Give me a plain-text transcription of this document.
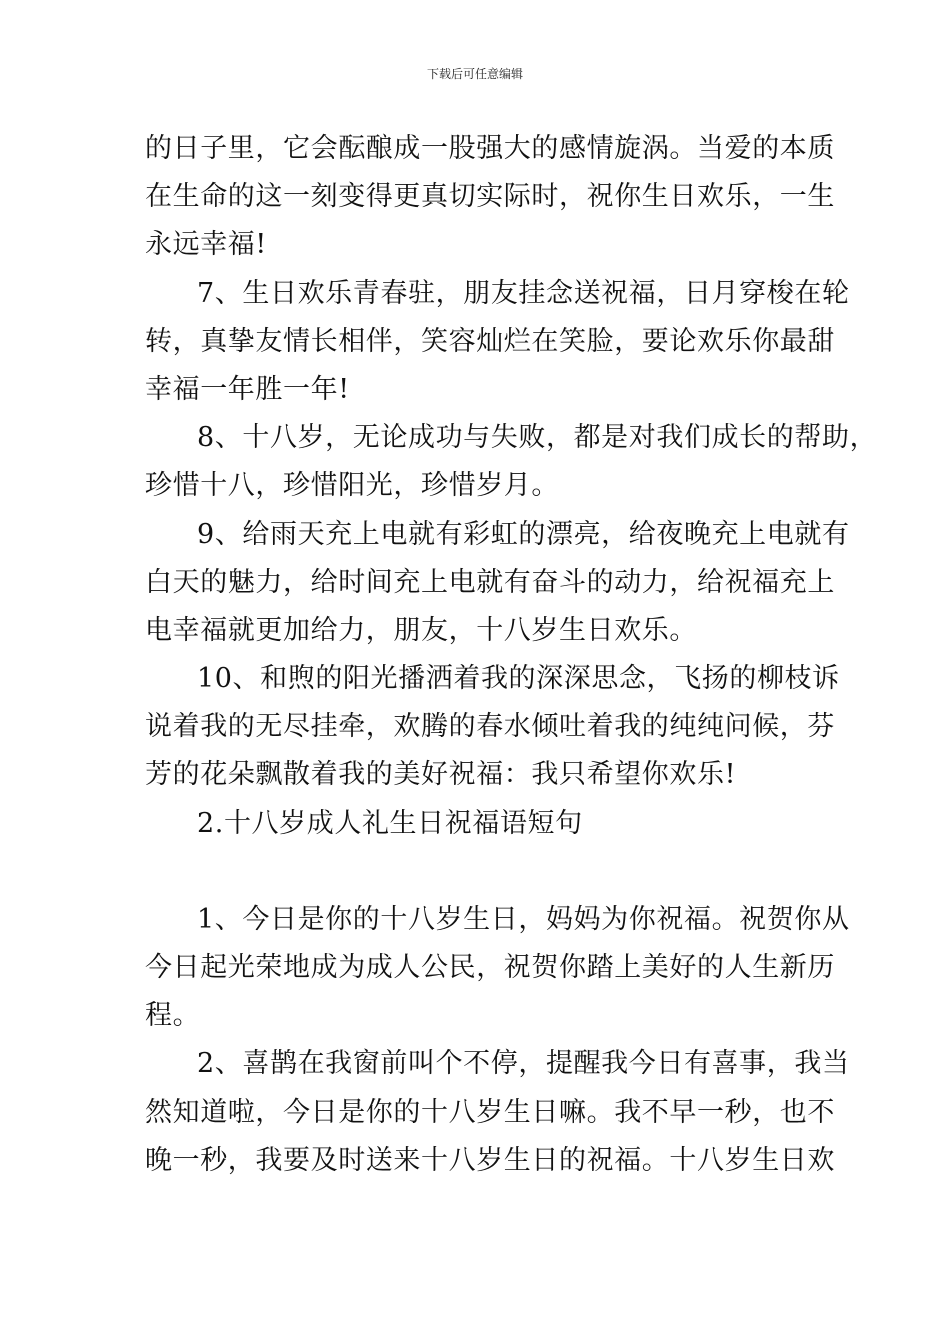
下载后可任意编辑
的日子里，它会酝酿成一股强大的感情旋涡。当爱的本质
在生命的这一刻变得更真切实际时，祝你生日欢乐，一生
永远幸福!
7、生日欢乐青春驻，朋友挂念送祝福，日月穿梭在轮
转，真挚友情长相伴，笑容灿烂在笑脸，要论欢乐你最甜
幸福一年胜一年!
8、十八岁，无论成功与失败，都是对我们成长的帮助，
珍惜十八，珍惜阳光，珍惜岁月。
9、给雨天充上电就有彩虹的漂亮，给夜晚充上电就有
白天的魅力，给时间充上电就有奋斗的动力，给祝福充上
电幸福就更加给力，朋友，十八岁生日欢乐。
10、和煦的阳光播洒着我的深深思念，飞扬的柳枝诉
说着我的无尽挂牵，欢腾的春水倾吐着我的纯纯问候，芬
芳的花朵飘散着我的美好祝福：我只希望你欢乐!
2.十八岁成人礼生日祝福语短句
1、今日是你的十八岁生日，妈妈为你祝福。祝贺你从
今日起光荣地成为成人公民，祝贺你踏上美好的人生新历
程。
2、喜鹊在我窗前叫个不停，提醒我今日有喜事，我当
然知道啦，今日是你的十八岁生日嘛。我不早一秒，也不
晚一秒，我要及时送来十八岁生日的祝福。十八岁生日欢
